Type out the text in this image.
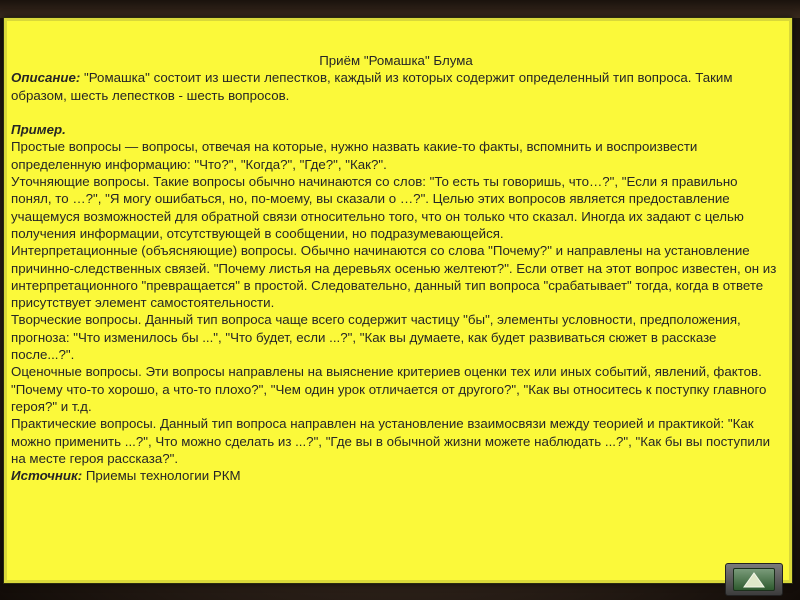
Приём "Ромашка" Блума

Описание: "Ромашка" состоит из шести лепестков, каждый из которых содержит определенный тип вопроса. Таким образом, шесть лепестков - шесть вопросов.

Пример.

Простые вопросы — вопросы, отвечая на которые, нужно назвать какие-то факты, вспомнить и воспроизвести определенную информацию: "Что?", "Когда?", "Где?", "Как?".

Уточняющие вопросы. Такие вопросы обычно начинаются со слов: "То есть ты говоришь, что…?", "Если я правильно понял, то …?", "Я могу ошибаться, но, по-моему, вы сказали о …?". Целью этих вопросов является предоставление учащемуся возможностей для обратной связи относительно того, что он только что сказал. Иногда их задают с целью получения информации, отсутствующей в сообщении, но подразумевающейся.

Интерпретационные (объясняющие) вопросы. Обычно начинаются со слова "Почему?" и направлены на установление причинно-следственных связей. "Почему листья на деревьях осенью желтеют?". Если ответ на этот вопрос известен, он из интерпретационного "превращается" в простой. Следовательно, данный тип вопроса "срабатывает" тогда, когда в ответе присутствует элемент самостоятельности.

Творческие вопросы. Данный тип вопроса чаще всего содержит частицу "бы", элементы условности, предположения, прогноза: "Что изменилось бы ...", "Что будет, если ...?", "Как вы думаете, как будет развиваться сюжет в рассказе после...?".

Оценочные вопросы. Эти вопросы направлены на выяснение критериев оценки тех или иных событий, явлений, фактов. "Почему что-то хорошо, а что-то плохо?", "Чем один урок отличается от другого?", "Как вы относитесь к поступку главного героя?" и т.д.

Практические вопросы. Данный тип вопроса направлен на установление взаимосвязи между теорией и практикой: "Как можно применить ...?", Что можно сделать из ...?", "Где вы в обычной жизни можете наблюдать ...?", "Как бы вы поступили на месте героя рассказа?".

Источник: Приемы технологии РКМ
